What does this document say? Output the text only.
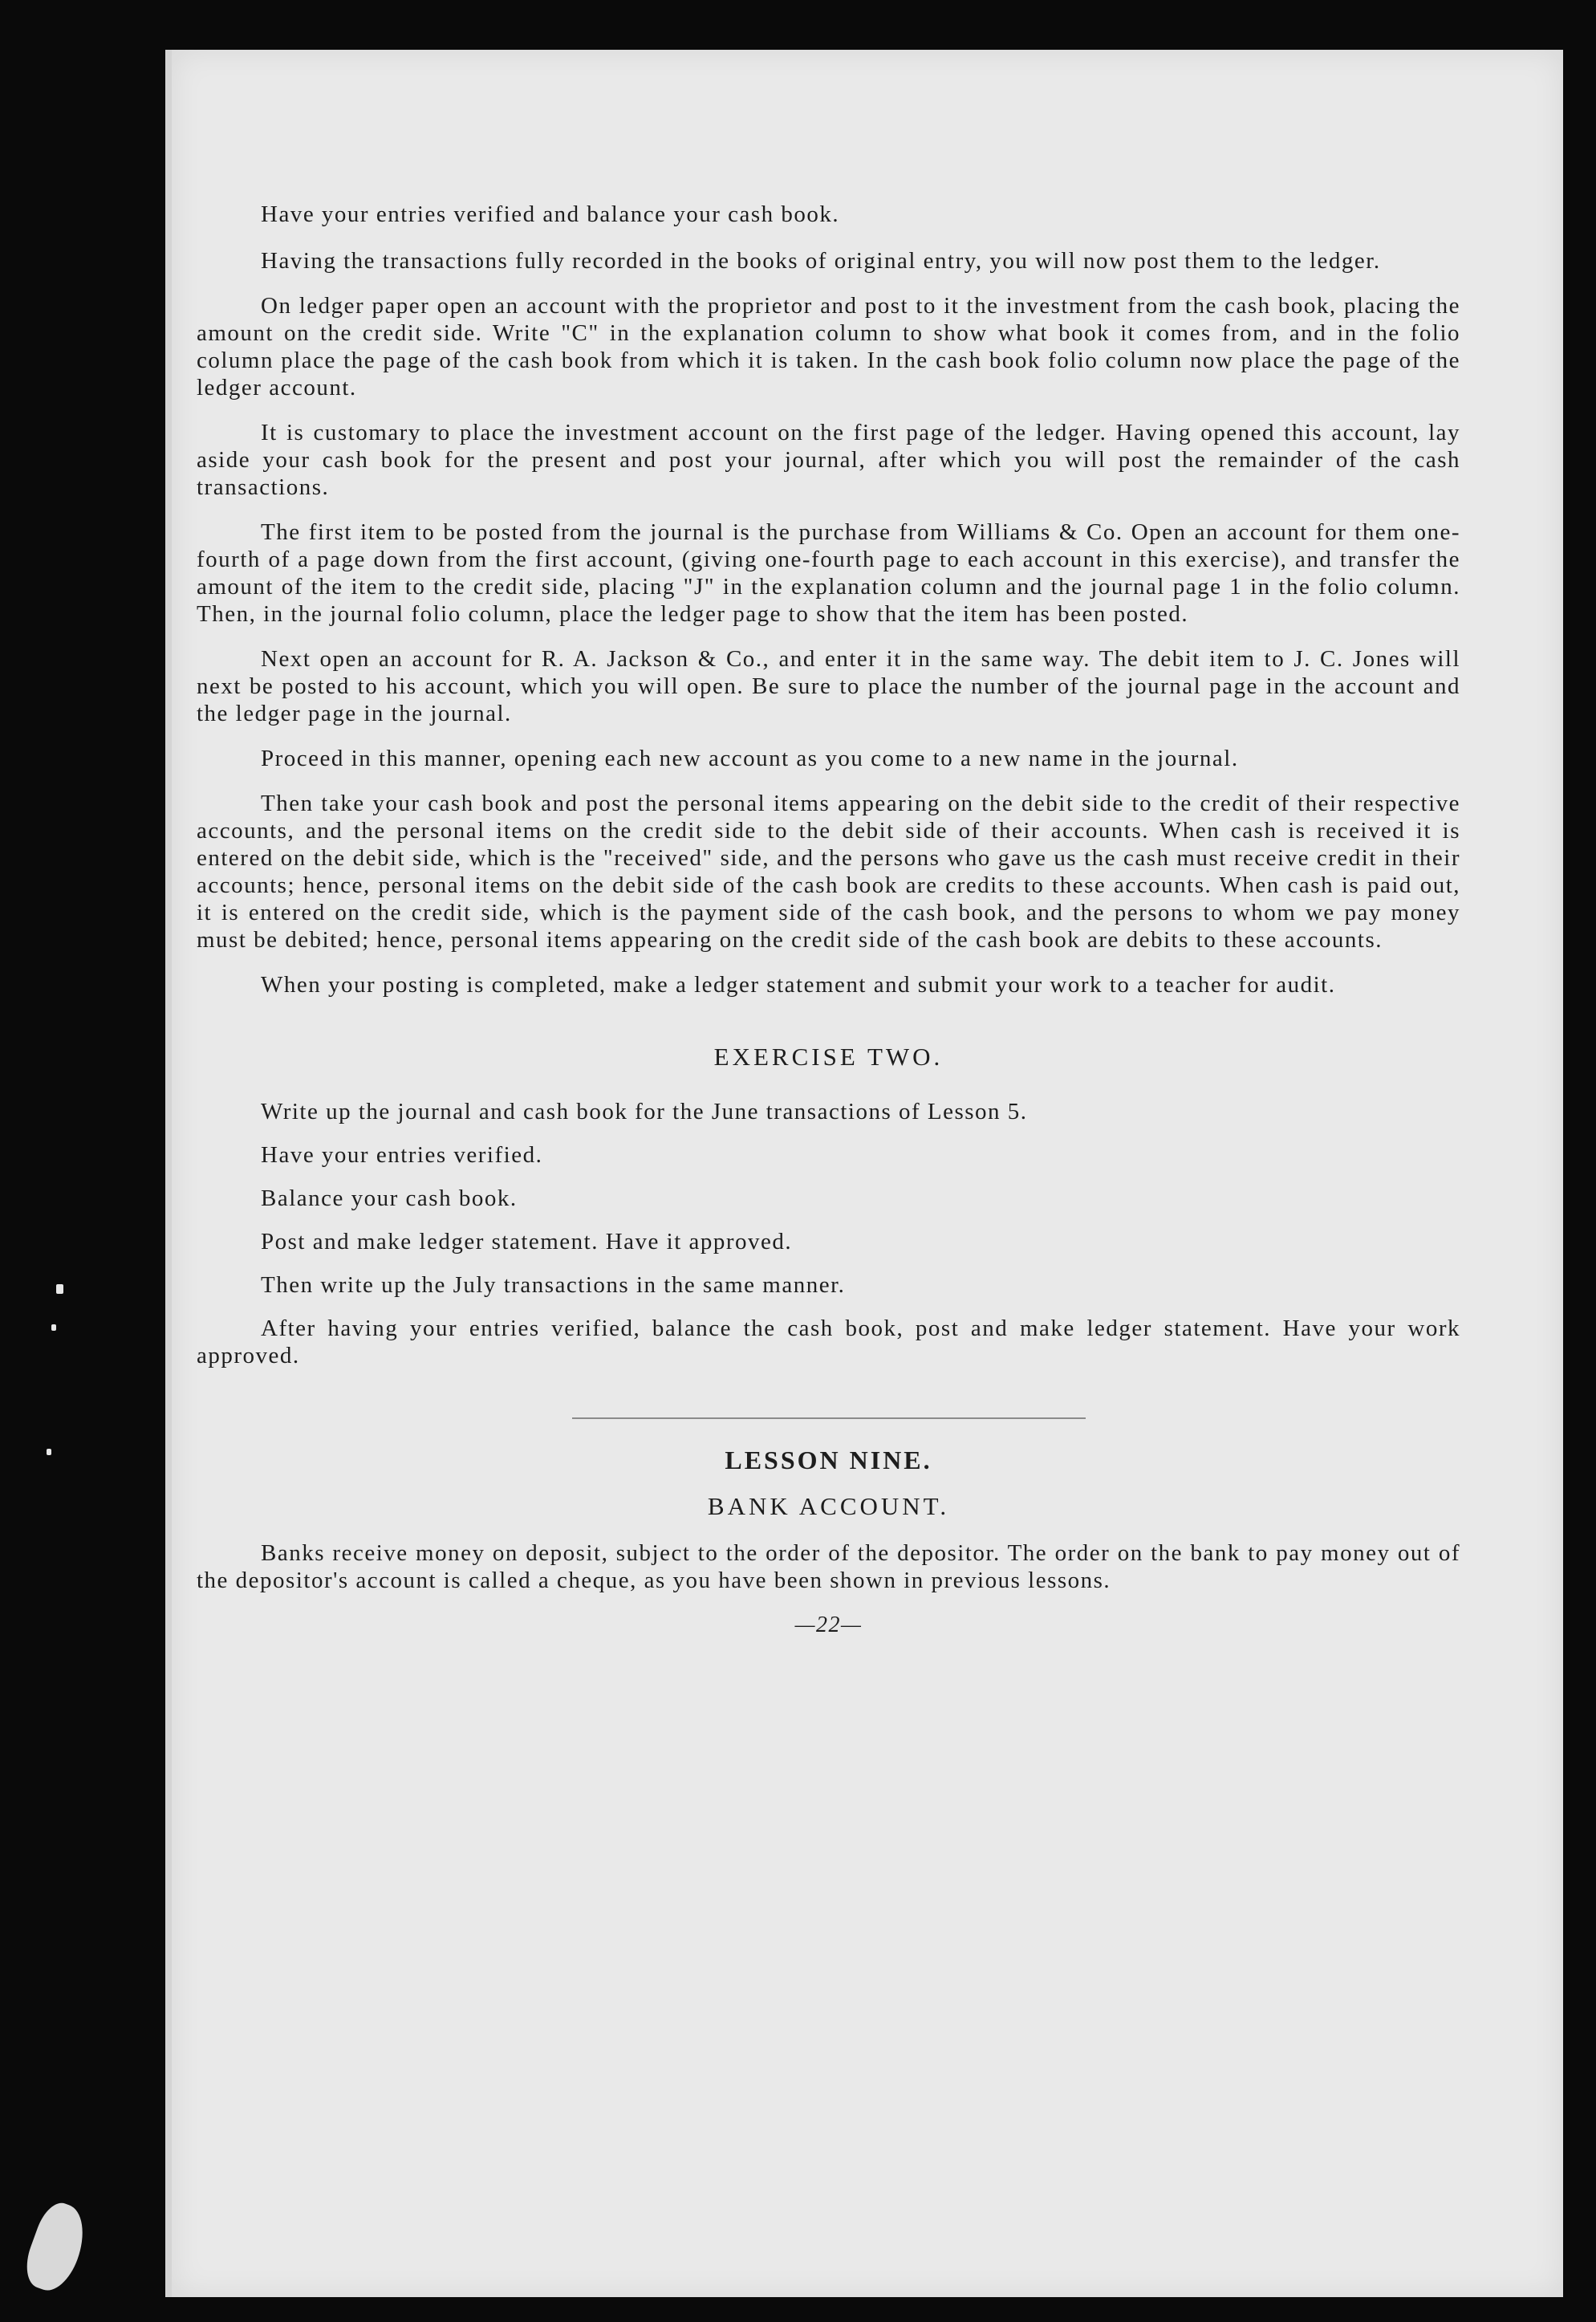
Have your entries verified and balance your cash book.

Having the transactions fully recorded in the books of original entry, you will now post them to the ledger.

On ledger paper open an account with the proprietor and post to it the investment from the cash book, placing the amount on the credit side. Write "C" in the explanation column to show what book it comes from, and in the folio column place the page of the cash book from which it is taken. In the cash book folio column now place the page of the ledger account.

It is customary to place the investment account on the first page of the ledger. Having opened this account, lay aside your cash book for the present and post your journal, after which you will post the remainder of the cash transactions.

The first item to be posted from the journal is the purchase from Williams & Co. Open an account for them one-fourth of a page down from the first account, (giving one-fourth page to each account in this exercise), and transfer the amount of the item to the credit side, placing "J" in the explanation column and the journal page 1 in the folio column. Then, in the journal folio column, place the ledger page to show that the item has been posted.

Next open an account for R. A. Jackson & Co., and enter it in the same way. The debit item to J. C. Jones will next be posted to his account, which you will open. Be sure to place the number of the journal page in the account and the ledger page in the journal.

Proceed in this manner, opening each new account as you come to a new name in the journal.

Then take your cash book and post the personal items appearing on the debit side to the credit of their respective accounts, and the personal items on the credit side to the debit side of their accounts. When cash is received it is entered on the debit side, which is the "received" side, and the persons who gave us the cash must receive credit in their accounts; hence, personal items on the debit side of the cash book are credits to these accounts. When cash is paid out, it is entered on the credit side, which is the payment side of the cash book, and the persons to whom we pay money must be debited; hence, personal items appearing on the credit side of the cash book are debits to these accounts.

When your posting is completed, make a ledger statement and submit your work to a teacher for audit.

EXERCISE TWO.

Write up the journal and cash book for the June transactions of Lesson 5.

Have your entries verified.

Balance your cash book.

Post and make ledger statement. Have it approved.

Then write up the July transactions in the same manner.

After having your entries verified, balance the cash book, post and make ledger statement. Have your work approved.

LESSON NINE.
BANK ACCOUNT.

Banks receive money on deposit, subject to the order of the depositor. The order on the bank to pay money out of the depositor's account is called a cheque, as you have been shown in previous lessons.

—22—
